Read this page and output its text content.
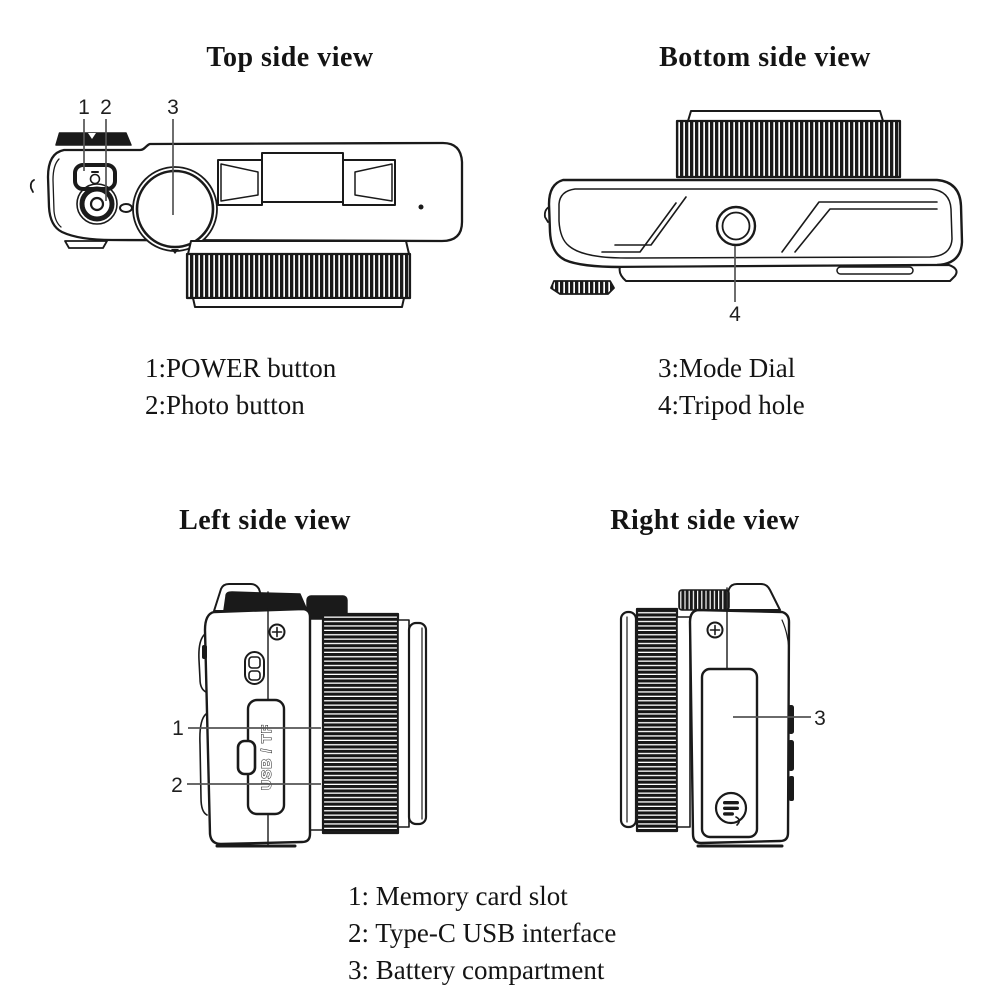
Top side view	Bottom side view
Left side view	Right side view
1 2	3
4
USB / TF
1
2
3
1:POWER button
2:Photo button
3:Mode Dial
4:Tripod hole
1: Memory card slot
2: Type-C USB interface
3: Battery compartment
